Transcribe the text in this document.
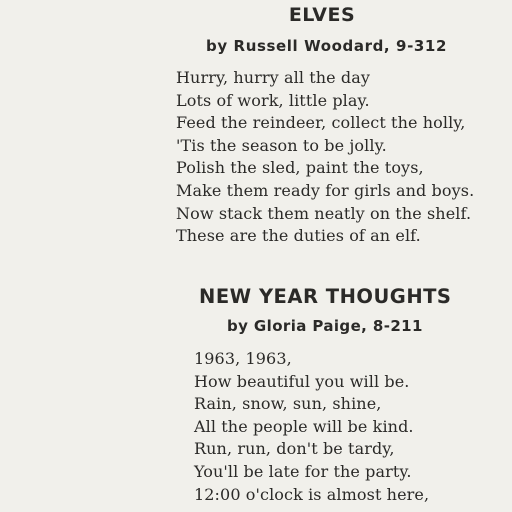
ELVES

by Russell Woodard, 9-312

Hurry, hurry all the day
Lots of work, little play.
Feed the reindeer, collect the holly,
'Tis the season to be jolly.
Polish the sled, paint the toys,
Make them ready for girls and boys.
Now stack them neatly on the shelf.
These are the duties of an elf.
NEW YEAR THOUGHTS

by Gloria Paige, 8-211

1963, 1963,
How beautiful you will be.
Rain, snow, sun, shine,
All the people will be kind.
Run, run, don't be tardy,
You'll be late for the party.
12:00 o'clock is almost here,
